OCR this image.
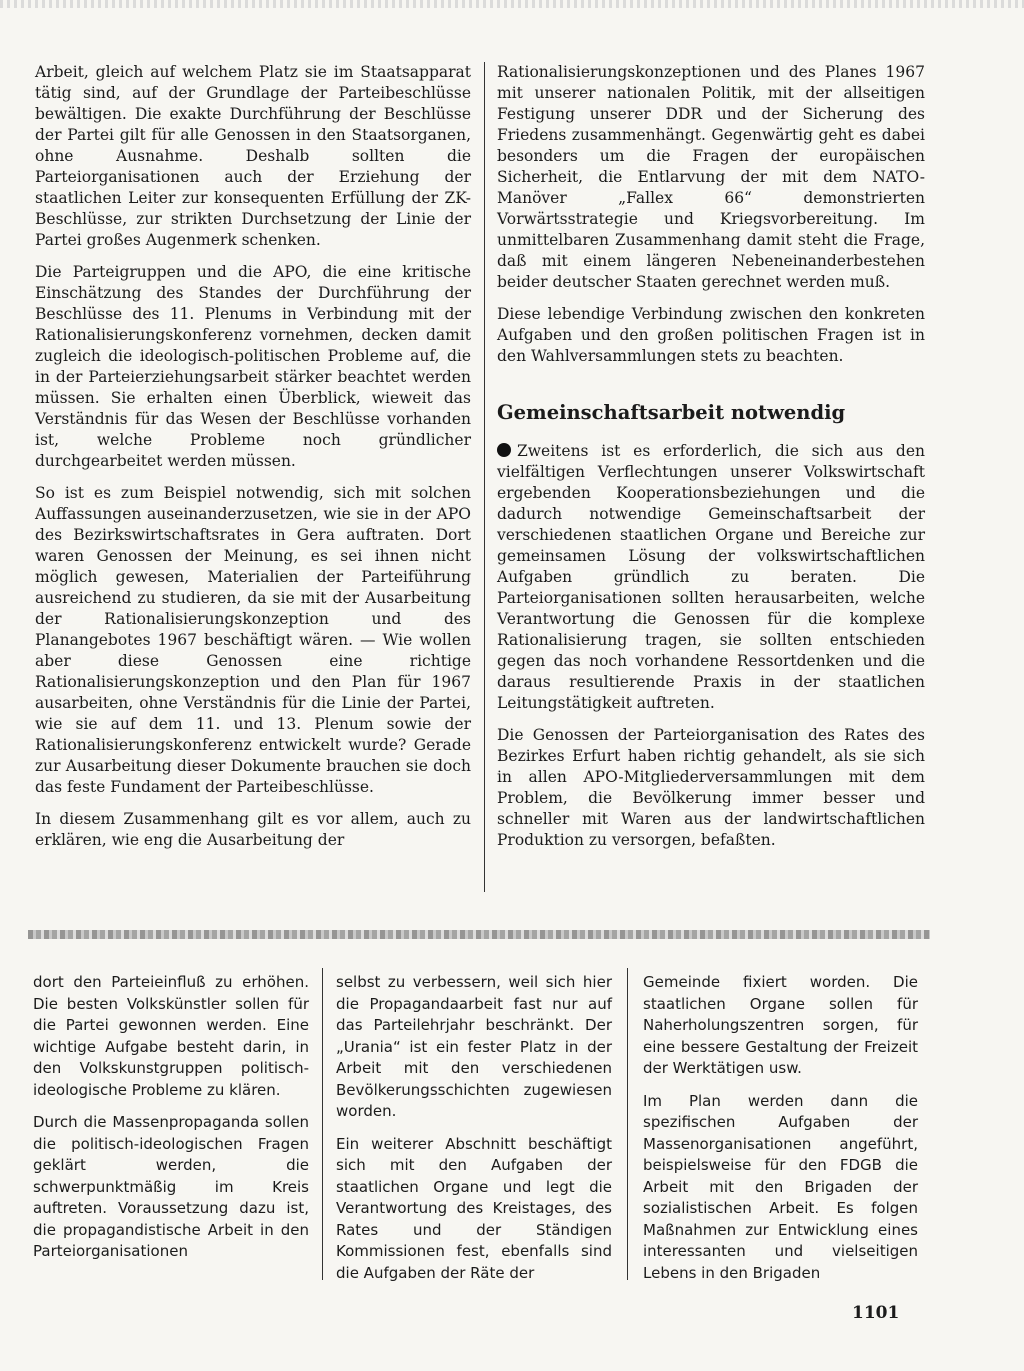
Arbeit, gleich auf welchem Platz sie im Staatsapparat tätig sind, auf der Grundlage der Parteibeschlüsse bewältigen. Die exakte Durchführung der Beschlüsse der Partei gilt für alle Genossen in den Staatsorganen, ohne Ausnahme. Deshalb sollten die Parteiorganisationen auch der Erziehung der staatlichen Leiter zur konsequenten Erfüllung der ZK-Beschlüsse, zur strikten Durchsetzung der Linie der Partei großes Augenmerk schenken.

Die Parteigruppen und die APO, die eine kritische Einschätzung des Standes der Durchführung der Beschlüsse des 11. Plenums in Verbindung mit der Rationalisierungskonferenz vornehmen, decken damit zugleich die ideologisch-politischen Probleme auf, die in der Parteierziehungsarbeit stärker beachtet werden müssen. Sie erhalten einen Überblick, wieweit das Verständnis für das Wesen der Beschlüsse vorhanden ist, welche Probleme noch gründlicher durchgearbeitet werden müssen.

So ist es zum Beispiel notwendig, sich mit solchen Auffassungen auseinanderzusetzen, wie sie in der APO des Bezirkswirtschaftsrates in Gera auftraten. Dort waren Genossen der Meinung, es sei ihnen nicht möglich gewesen, Materialien der Parteiführung ausreichend zu studieren, da sie mit der Ausarbeitung der Rationalisierungskonzeption und des Planangebotes 1967 beschäftigt wären. — Wie wollen aber diese Genossen eine richtige Rationalisierungskonzeption und den Plan für 1967 ausarbeiten, ohne Verständnis für die Linie der Partei, wie sie auf dem 11. und 13. Plenum sowie der Rationalisierungskonferenz entwickelt wurde? Gerade zur Ausarbeitung dieser Dokumente brauchen sie doch das feste Fundament der Parteibeschlüsse.

In diesem Zusammenhang gilt es vor allem, auch zu erklären, wie eng die Ausarbeitung der

Rationalisierungskonzeptionen und des Planes 1967 mit unserer nationalen Politik, mit der allseitigen Festigung unserer DDR und der Sicherung des Friedens zusammenhängt. Gegenwärtig geht es dabei besonders um die Fragen der europäischen Sicherheit, die Entlarvung der mit dem NATO-Manöver „Fallex 66“ demonstrierten Vorwärtsstrategie und Kriegsvorbereitung. Im unmittelbaren Zusammenhang damit steht die Frage, daß mit einem längeren Nebeneinanderbestehen beider deutscher Staaten gerechnet werden muß.

Diese lebendige Verbindung zwischen den konkreten Aufgaben und den großen politischen Fragen ist in den Wahlversammlungen stets zu beachten.

Gemeinschaftsarbeit notwendig

Zweitens ist es erforderlich, die sich aus den vielfältigen Verflechtungen unserer Volkswirtschaft ergebenden Kooperationsbeziehungen und die dadurch notwendige Gemeinschaftsarbeit der verschiedenen staatlichen Organe und Bereiche zur gemeinsamen Lösung der volkswirtschaftlichen Aufgaben gründlich zu beraten. Die Parteiorganisationen sollten herausarbeiten, welche Verantwortung die Genossen für die komplexe Rationalisierung tragen, sie sollten entschieden gegen das noch vorhandene Ressortdenken und die daraus resultierende Praxis in der staatlichen Leitungstätigkeit auftreten.

Die Genossen der Parteiorganisation des Rates des Bezirkes Erfurt haben richtig gehandelt, als sie sich in allen APO-Mitgliederversammlungen mit dem Problem, die Bevölkerung immer besser und schneller mit Waren aus der landwirtschaftlichen Produktion zu versorgen, befaßten.

dort den Parteieinfluß zu erhöhen. Die besten Volkskünstler sollen für die Partei gewonnen werden. Eine wichtige Aufgabe besteht darin, in den Volkskunstgruppen politisch-ideologische Probleme zu klären.

Durch die Massenpropaganda sollen die politisch-ideologischen Fragen geklärt werden, die schwerpunktmäßig im Kreis auftreten. Voraussetzung dazu ist, die propagandistische Arbeit in den Parteiorganisationen

selbst zu verbessern, weil sich hier die Propagandaarbeit fast nur auf das Parteilehrjahr beschränkt. Der „Urania“ ist ein fester Platz in der Arbeit mit den verschiedenen Bevölkerungsschichten zugewiesen worden.

Ein weiterer Abschnitt beschäftigt sich mit den Aufgaben der staatlichen Organe und legt die Verantwortung des Kreistages, des Rates und der Ständigen Kommissionen fest, ebenfalls sind die Aufgaben der Räte der

Gemeinde fixiert worden. Die staatlichen Organe sollen für Naherholungszentren sorgen, für eine bessere Gestaltung der Freizeit der Werktätigen usw.

Im Plan werden dann die spezifischen Aufgaben der Massenorganisationen angeführt, beispielsweise für den FDGB die Arbeit mit den Brigaden der sozialistischen Arbeit. Es folgen Maßnahmen zur Entwicklung eines interessanten und vielseitigen Lebens in den Brigaden

1101
